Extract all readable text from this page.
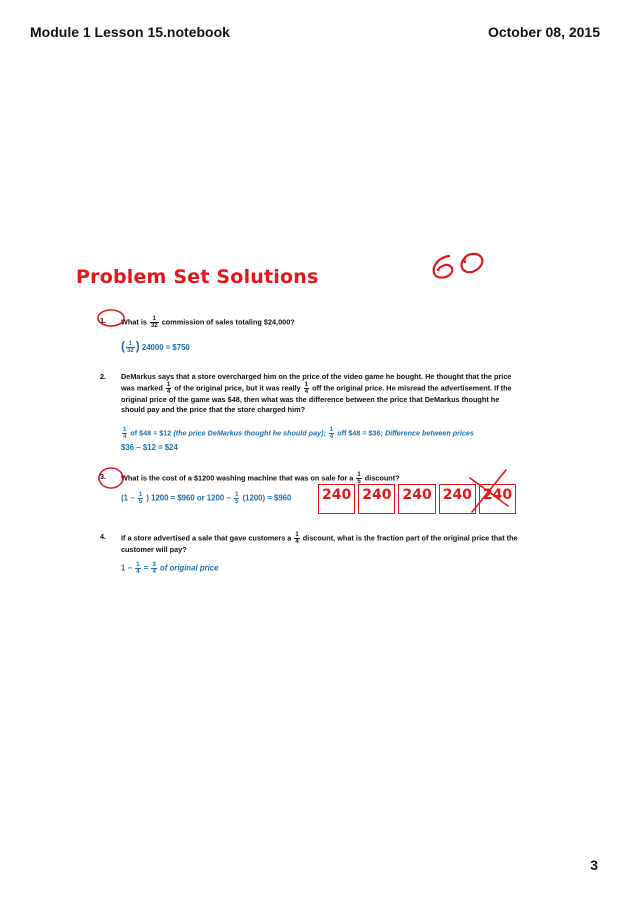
Module 1 Lesson 15.notebook	October 08, 2015
Problem Set Solutions
1. What is $\frac{1}{32}$ commission of sales totaling $24,000?
( $\frac{1}{32}$ ) 24000 = $750
2. DeMarkus says that a store overcharged him on the price of the video game he bought. He thought that the price was marked $\frac{1}{4}$ of the original price, but it was really $\frac{1}{4}$ off the original price. He misread the advertisement. If the original price of the game was $48, then what was the difference between the price that DeMarkus thought he should pay and the price that the store charged him?
$\frac{1}{4}$ of $48 = $12 (the price DeMarkus thought he should pay); $\frac{1}{4}$ off $48 = $36; Difference between prices
$36 − $12 = $24
3. What is the cost of a $1200 washing machine that was on sale for a $\frac{1}{5}$ discount?
($1 - \frac{1}{5}$ ) 1200 = $960 or $1200 - \frac{1}{5} (1200)$ = $960
4. If a store advertised a sale that gave customers a $\frac{1}{4}$ discount, what is the fraction part of the original price that the customer will pay?
$1 - \frac{1}{4} = \frac{3}{4}$ of original price
240 240 240 240 240
3
